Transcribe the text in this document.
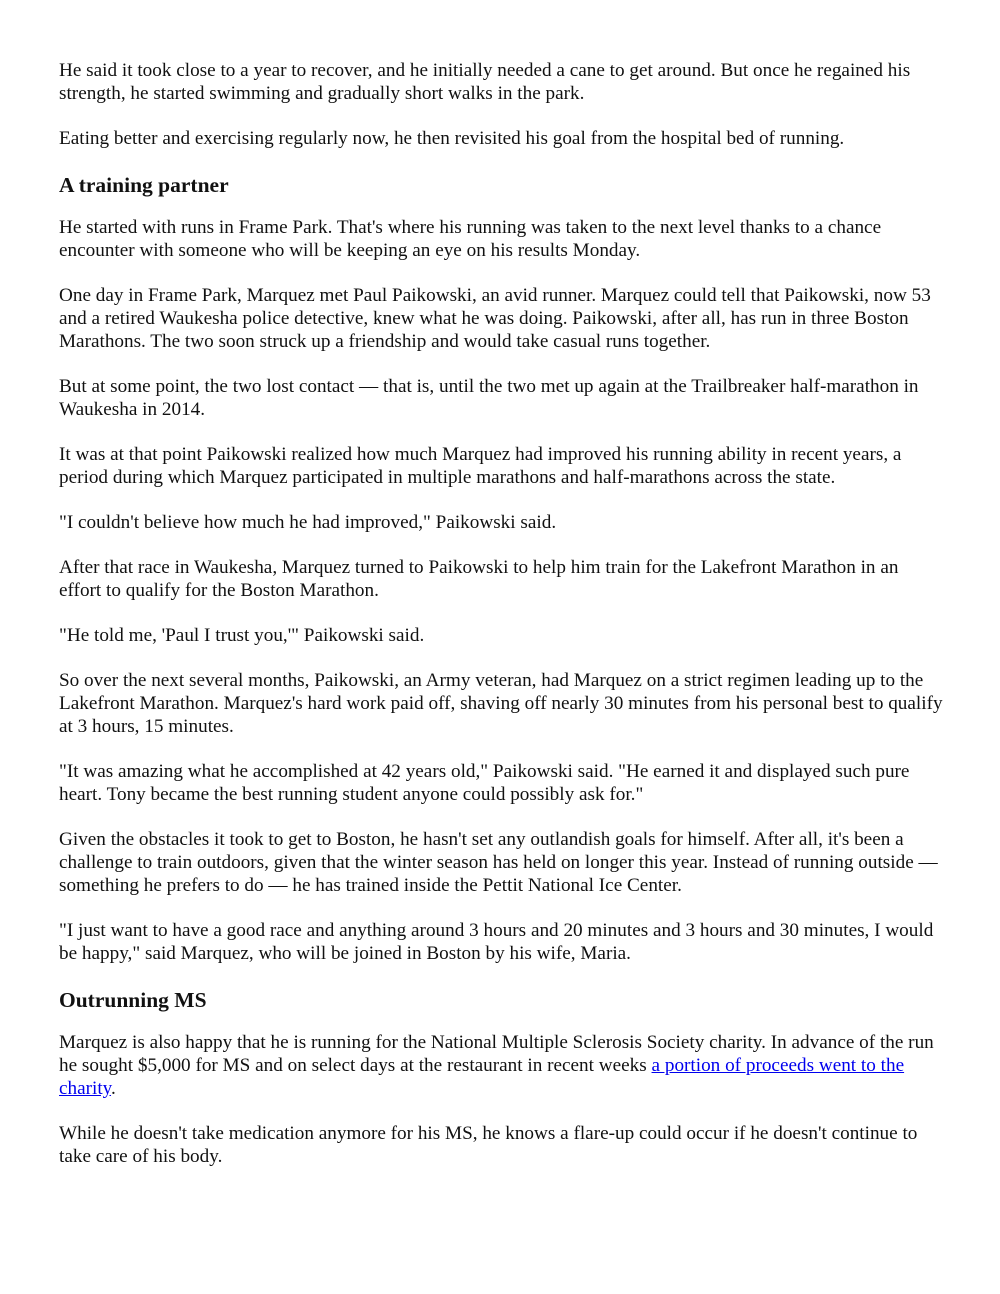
He said it took close to a year to recover, and he initially needed a cane to get around. But once he regained his strength, he started swimming and gradually short walks in the park.

Eating better and exercising regularly now, he then revisited his goal from the hospital bed of running.

A training partner

He started with runs in Frame Park. That's where his running was taken to the next level thanks to a chance encounter with someone who will be keeping an eye on his results Monday.

One day in Frame Park, Marquez met Paul Paikowski, an avid runner. Marquez could tell that Paikowski, now 53 and a retired Waukesha police detective, knew what he was doing. Paikowski, after all, has run in three Boston Marathons. The two soon struck up a friendship and would take casual runs together.

But at some point, the two lost contact — that is, until the two met up again at the Trailbreaker half-marathon in Waukesha in 2014.

It was at that point Paikowski realized how much Marquez had improved his running ability in recent years, a period during which Marquez participated in multiple marathons and half-marathons across the state.

"I couldn't believe how much he had improved," Paikowski said.

After that race in Waukesha, Marquez turned to Paikowski to help him train for the Lakefront Marathon in an effort to qualify for the Boston Marathon.

"He told me, 'Paul I trust you,'" Paikowski said.

So over the next several months, Paikowski, an Army veteran, had Marquez on a strict regimen leading up to the Lakefront Marathon. Marquez's hard work paid off, shaving off nearly 30 minutes from his personal best to qualify at 3 hours, 15 minutes.

"It was amazing what he accomplished at 42 years old," Paikowski said. "He earned it and displayed such pure heart. Tony became the best running student anyone could possibly ask for."

Given the obstacles it took to get to Boston, he hasn't set any outlandish goals for himself. After all, it's been a challenge to train outdoors, given that the winter season has held on longer this year. Instead of running outside — something he prefers to do — he has trained inside the Pettit National Ice Center.

"I just want to have a good race and anything around 3 hours and 20 minutes and 3 hours and 30 minutes, I would be happy," said Marquez, who will be joined in Boston by his wife, Maria.

Outrunning MS

Marquez is also happy that he is running for the National Multiple Sclerosis Society charity. In advance of the run he sought $5,000 for MS and on select days at the restaurant in recent weeks a portion of proceeds went to the charity.

While he doesn't take medication anymore for his MS, he knows a flare-up could occur if he doesn't continue to take care of his body.
